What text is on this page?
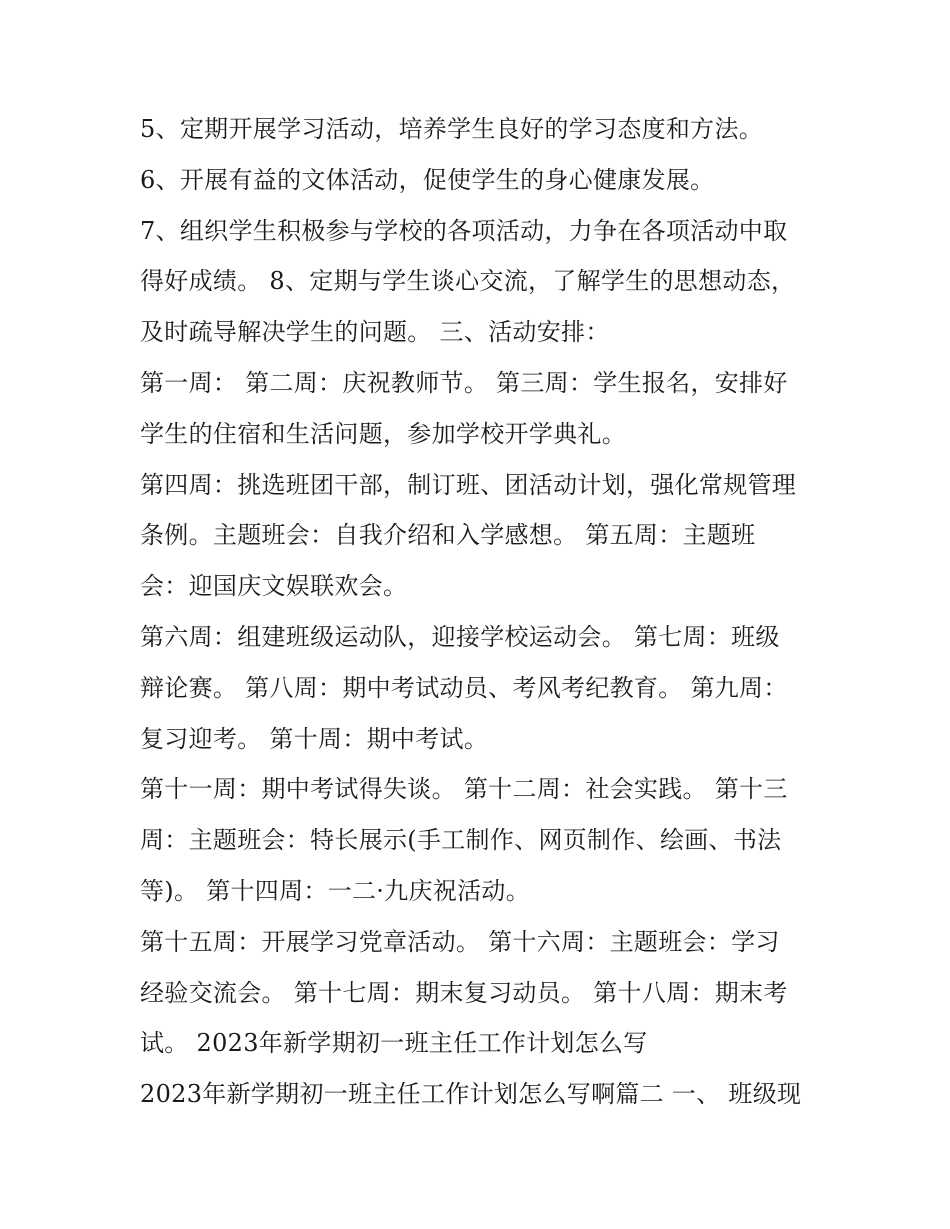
5、定期开展学习活动，培养学生良好的学习态度和方法。
6、开展有益的文体活动，促使学生的身心健康发展。
7、组织学生积极参与学校的各项活动，力争在各项活动中取
得好成绩。 8、定期与学生谈心交流，了解学生的思想动态，
及时疏导解决学生的问题。 三、活动安排：
第一周： 第二周：庆祝教师节。 第三周：学生报名，安排好
学生的住宿和生活问题，参加学校开学典礼。
第四周：挑选班团干部，制订班、团活动计划，强化常规管理
条例。主题班会：自我介绍和入学感想。 第五周：主题班
会：迎国庆文娱联欢会。
第六周：组建班级运动队，迎接学校运动会。 第七周：班级
辩论赛。 第八周：期中考试动员、考风考纪教育。 第九周：
复习迎考。 第十周：期中考试。
第十一周：期中考试得失谈。 第十二周：社会实践。 第十三
周：主题班会：特长展示(手工制作、网页制作、绘画、书法
等)。 第十四周：一二·九庆祝活动。
第十五周：开展学习党章活动。 第十六周：主题班会：学习
经验交流会。 第十七周：期末复习动员。 第十八周：期末考
试。 2023年新学期初一班主任工作计划怎么写
2023年新学期初一班主任工作计划怎么写啊篇二 一、 班级现
